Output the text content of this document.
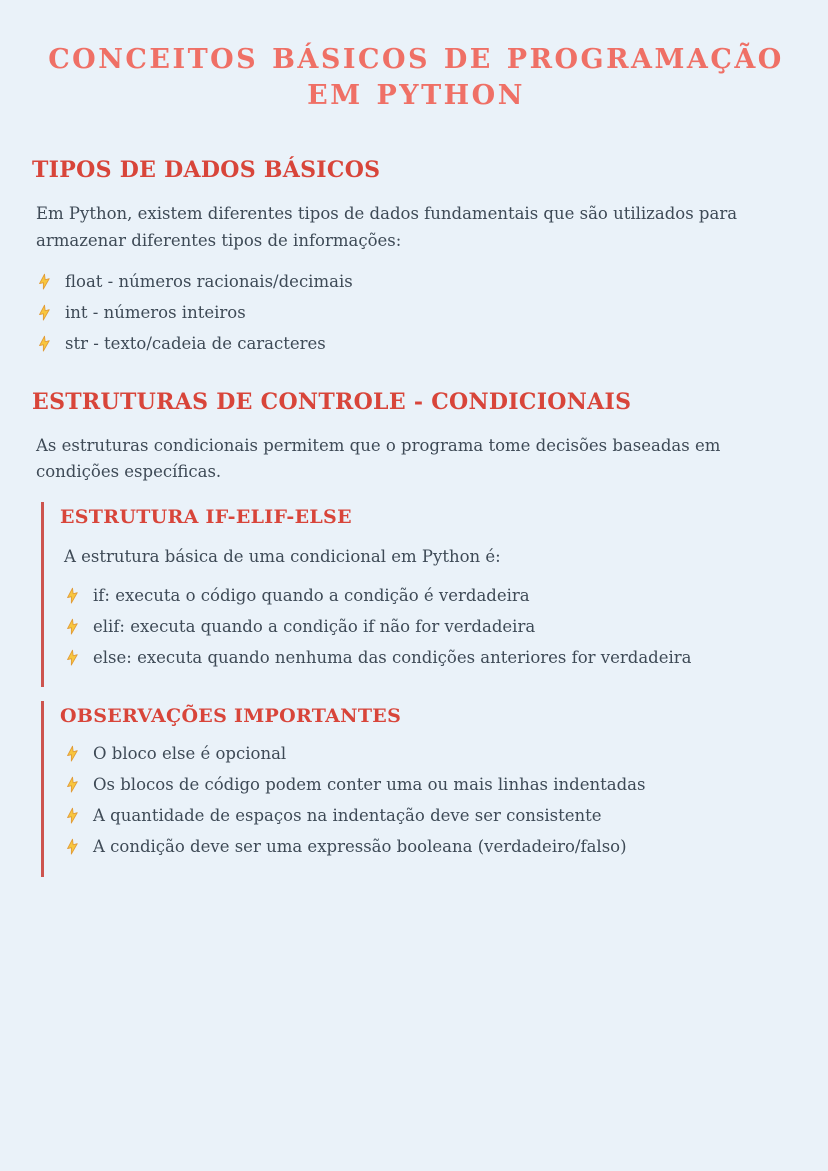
CONCEITOS BÁSICOS DE PROGRAMAÇÃO EM PYTHON
TIPOS DE DADOS BÁSICOS

Em Python, existem diferentes tipos de dados fundamentais que são utilizados para armazenar diferentes tipos de informações:

float - números racionais/decimais
int - números inteiros
str - texto/cadeia de caracteres
ESTRUTURAS DE CONTROLE - CONDICIONAIS

As estruturas condicionais permitem que o programa tome decisões baseadas em condições específicas.

ESTRUTURA IF-ELIF-ELSE

A estrutura básica de uma condicional em Python é:

if: executa o código quando a condição é verdadeira
elif: executa quando a condição if não for verdadeira
else: executa quando nenhuma das condições anteriores for verdadeira
OBSERVAÇÕES IMPORTANTES
O bloco else é opcional
Os blocos de código podem conter uma ou mais linhas indentadas
A quantidade de espaços na indentação deve ser consistente
A condição deve ser uma expressão booleana (verdadeiro/falso)
